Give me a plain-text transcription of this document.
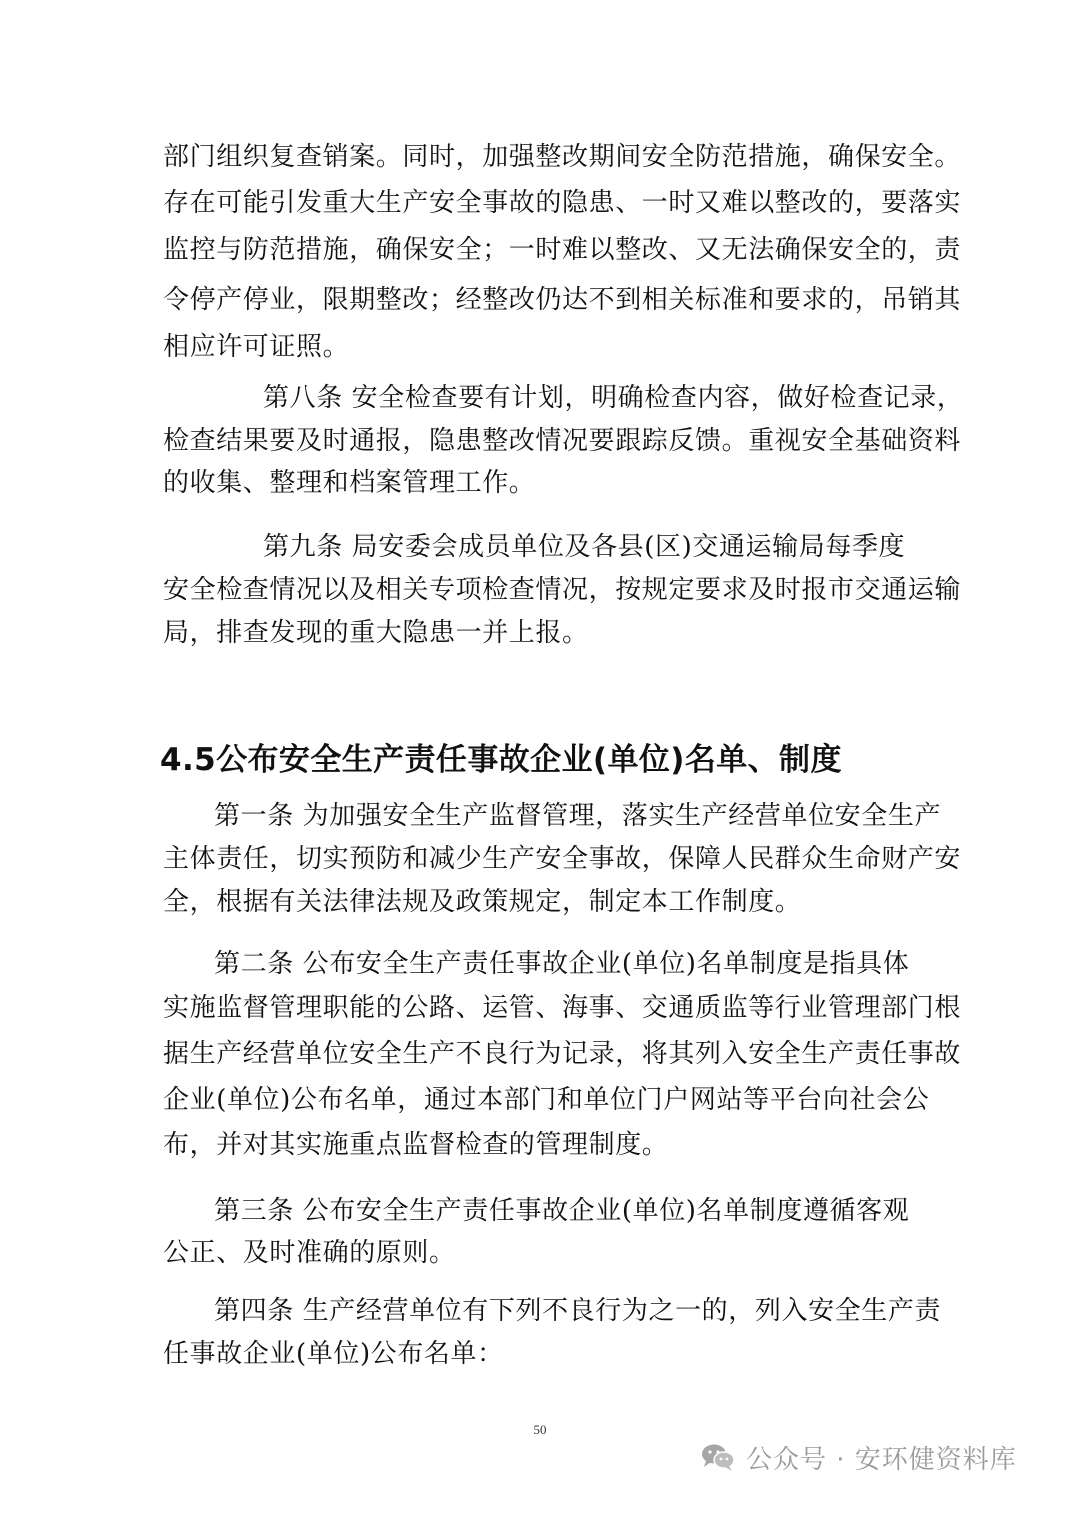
部门组织复查销案。同时，加强整改期间安全防范措施，确保安全。
存在可能引发重大生产安全事故的隐患、一时又难以整改的，要落实
监控与防范措施，确保安全；一时难以整改、又无法确保安全的，责
令停产停业，限期整改；经整改仍达不到相关标准和要求的，吊销其
相应许可证照。
第八条 安全检查要有计划，明确检查内容，做好检查记录，
检查结果要及时通报，隐患整改情况要跟踪反馈。重视安全基础资料
的收集、整理和档案管理工作。
第九条 局安委会成员单位及各县(区)交通运输局每季度
安全检查情况以及相关专项检查情况，按规定要求及时报市交通运输
局，排查发现的重大隐患一并上报。
4.5公布安全生产责任事故企业(单位)名单、制度
第一条 为加强安全生产监督管理，落实生产经营单位安全生产
主体责任，切实预防和减少生产安全事故，保障人民群众生命财产安
全，根据有关法律法规及政策规定，制定本工作制度。
第二条 公布安全生产责任事故企业(单位)名单制度是指具体
实施监督管理职能的公路、运管、海事、交通质监等行业管理部门根
据生产经营单位安全生产不良行为记录，将其列入安全生产责任事故
企业(单位)公布名单，通过本部门和单位门户网站等平台向社会公
布，并对其实施重点监督检查的管理制度。
第三条 公布安全生产责任事故企业(单位)名单制度遵循客观
公正、及时准确的原则。
第四条 生产经营单位有下列不良行为之一的，列入安全生产责
任事故企业(单位)公布名单：
50
公众号 · 安环健资料库
